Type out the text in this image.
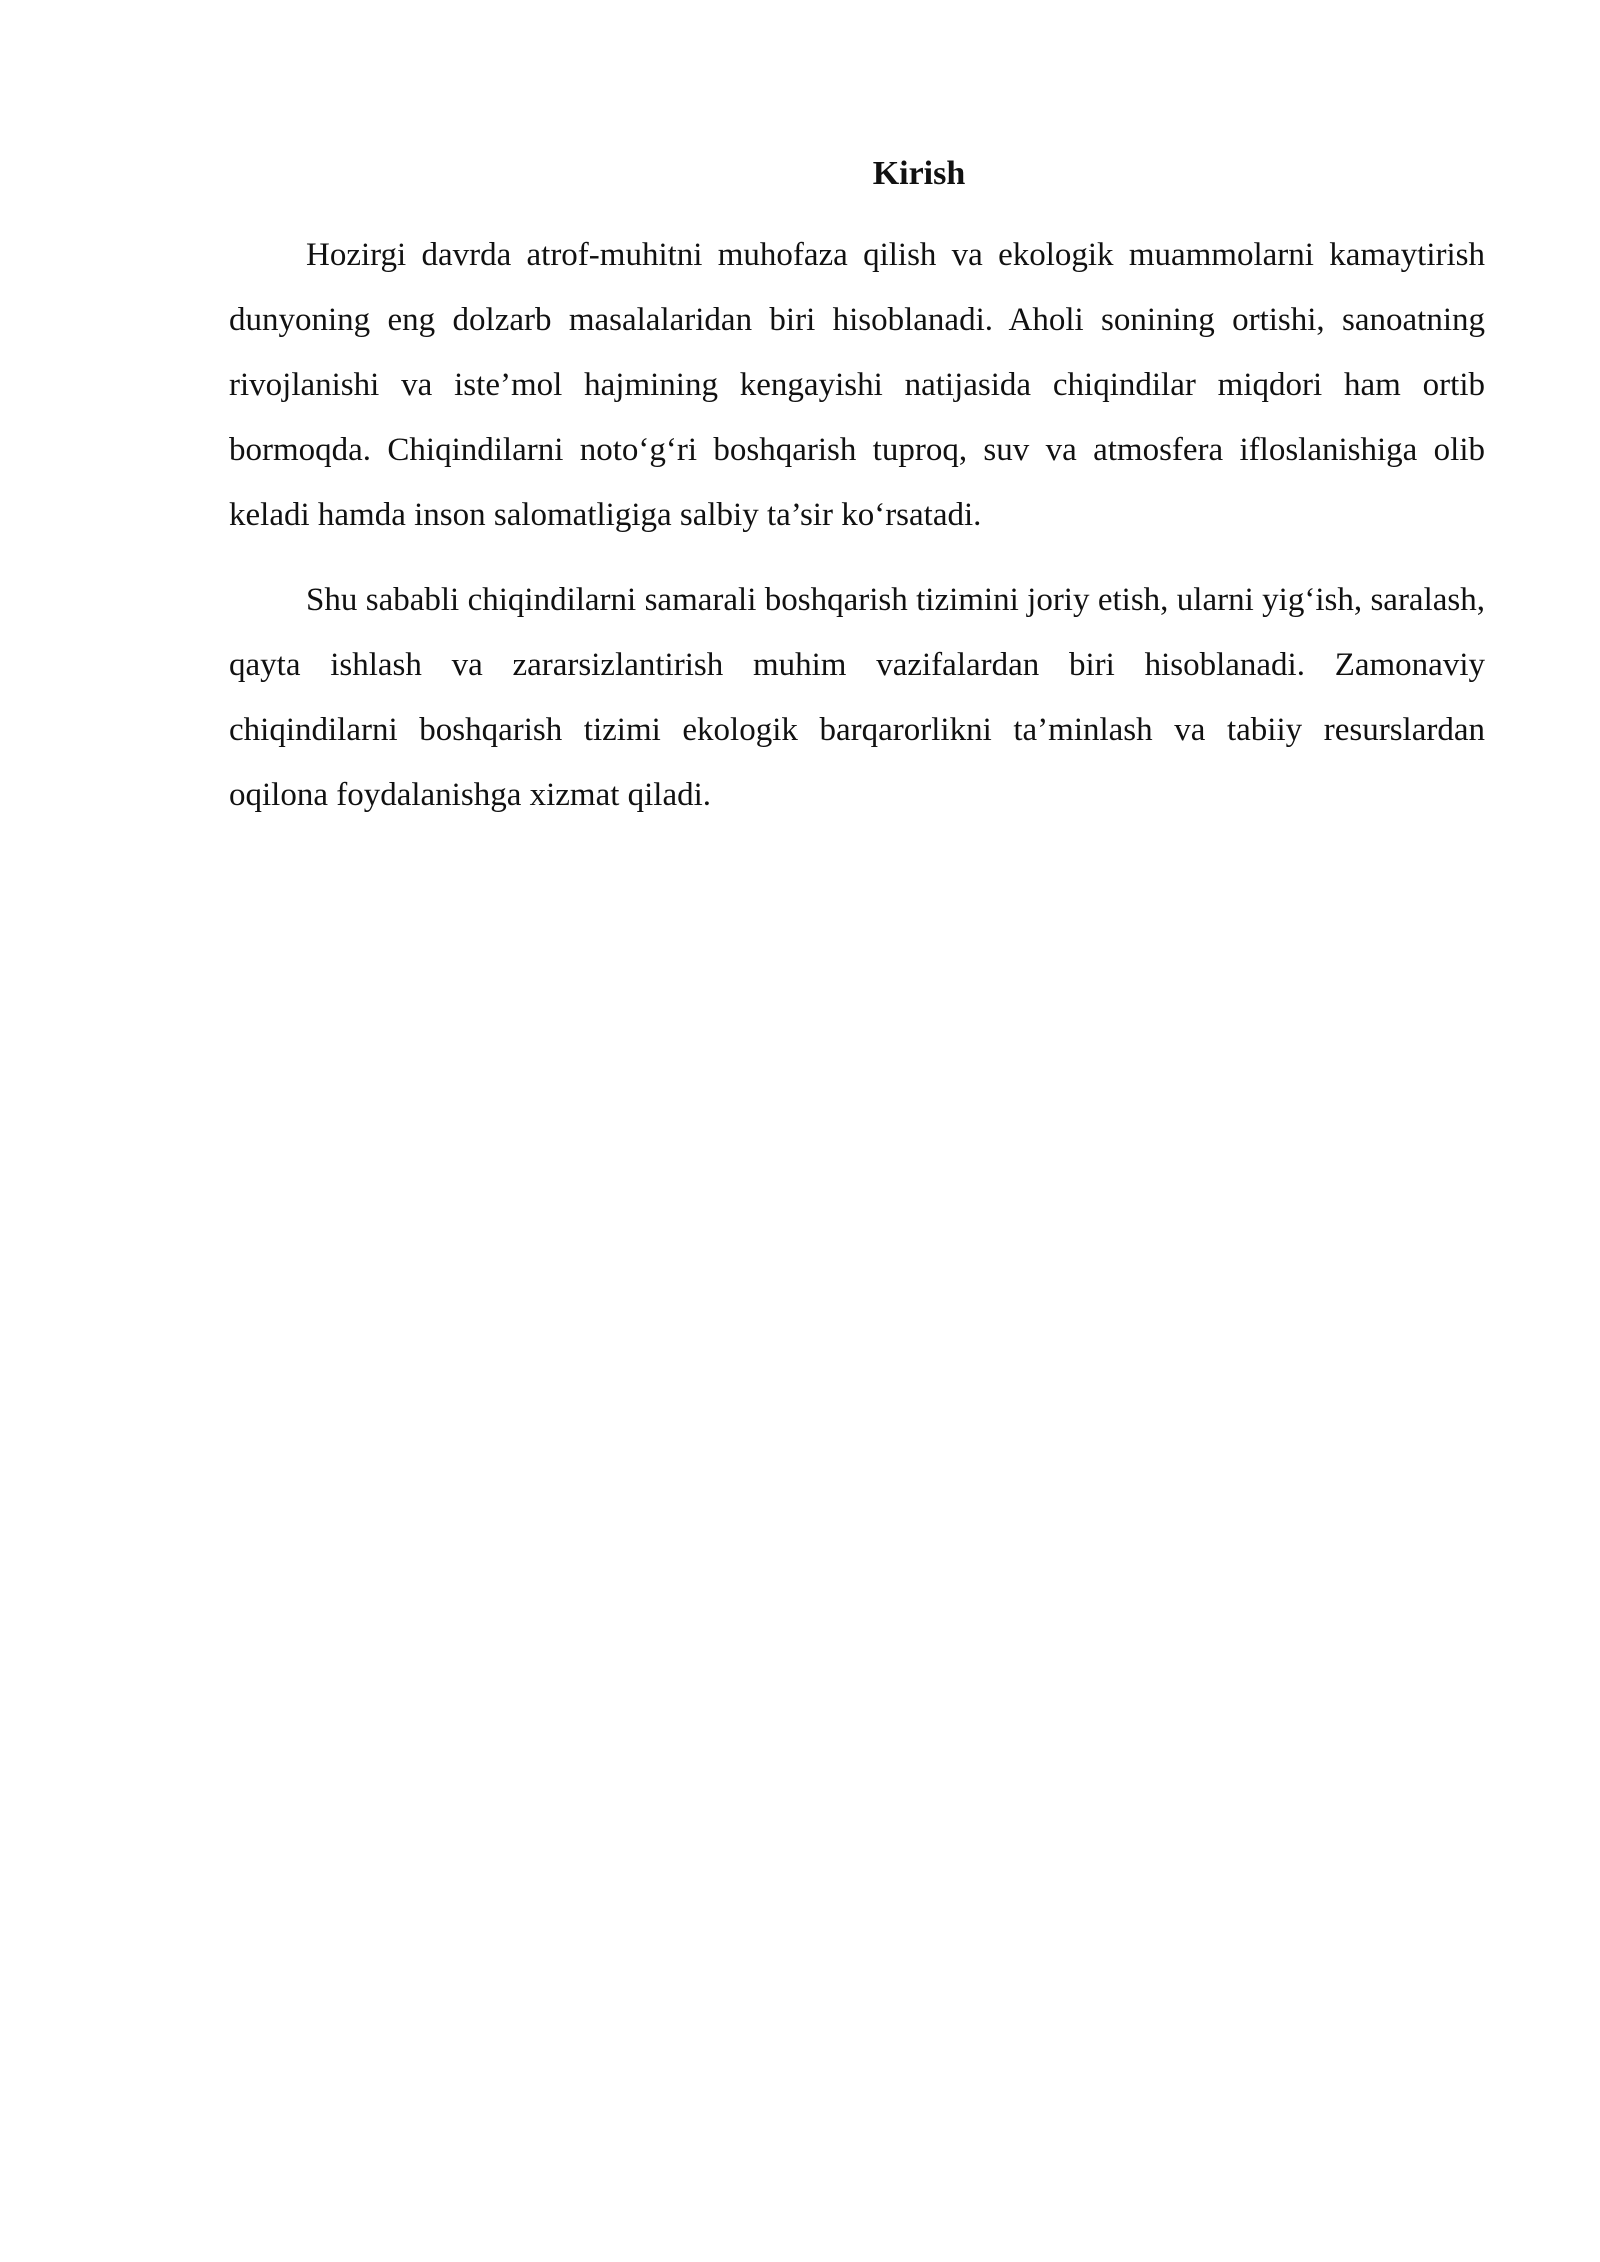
Kirish

Hozirgi davrda atrof-muhitni muhofaza qilish va ekologik muammolarni kamaytirish dunyoning eng dolzarb masalalaridan biri hisoblanadi. Aholi sonining ortishi, sanoatning rivojlanishi va iste’mol hajmining kengayishi natijasida chiqindilar miqdori ham ortib bormoqda. Chiqindilarni noto‘g‘ri boshqarish tuproq, suv va atmosfera ifloslanishiga olib keladi hamda inson salomatligiga salbiy ta’sir ko‘rsatadi.

Shu sababli chiqindilarni samarali boshqarish tizimini joriy etish, ularni yig‘ish, saralash, qayta ishlash va zararsizlantirish muhim vazifalardan biri hisoblanadi. Zamonaviy chiqindilarni boshqarish tizimi ekologik barqarorlikni ta’minlash va tabiiy resurslardan oqilona foydalanishga xizmat qiladi.
